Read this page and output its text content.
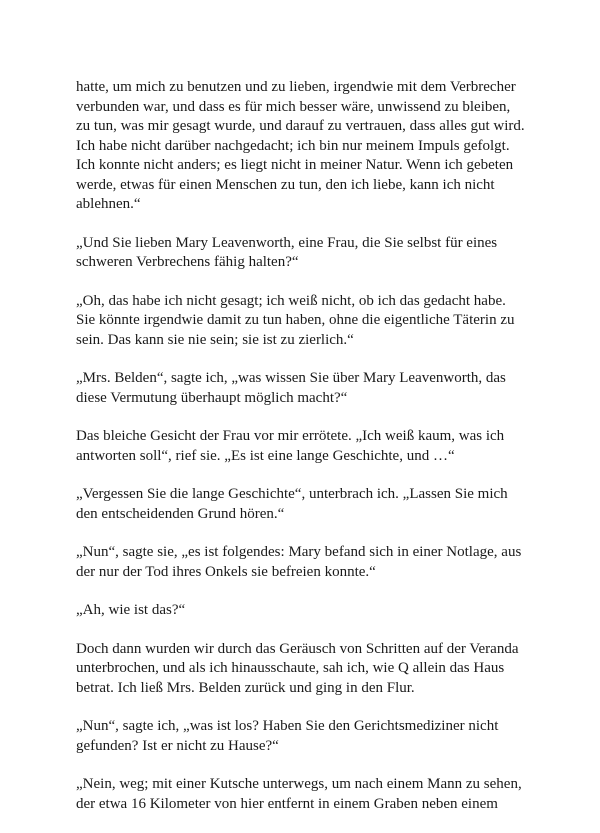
hatte, um mich zu benutzen und zu lieben, irgendwie mit dem Verbrecher verbunden war, und dass es für mich besser wäre, unwissend zu bleiben, zu tun, was mir gesagt wurde, und darauf zu vertrauen, dass alles gut wird. Ich habe nicht darüber nachgedacht; ich bin nur meinem Impuls gefolgt. Ich konnte nicht anders; es liegt nicht in meiner Natur. Wenn ich gebeten werde, etwas für einen Menschen zu tun, den ich liebe, kann ich nicht ablehnen.“

„Und Sie lieben Mary Leavenworth, eine Frau, die Sie selbst für eines schweren Verbrechens fähig halten?“

„Oh, das habe ich nicht gesagt; ich weiß nicht, ob ich das gedacht habe. Sie könnte irgendwie damit zu tun haben, ohne die eigentliche Täterin zu sein. Das kann sie nie sein; sie ist zu zierlich.“

„Mrs. Belden“, sagte ich, „was wissen Sie über Mary Leavenworth, das diese Vermutung überhaupt möglich macht?“

Das bleiche Gesicht der Frau vor mir errötete. „Ich weiß kaum, was ich antworten soll“, rief sie. „Es ist eine lange Geschichte, und …“

„Vergessen Sie die lange Geschichte“, unterbrach ich. „Lassen Sie mich den entscheidenden Grund hören.“

„Nun“, sagte sie, „es ist folgendes: Mary befand sich in einer Notlage, aus der nur der Tod ihres Onkels sie befreien konnte.“

„Ah, wie ist das?“

Doch dann wurden wir durch das Geräusch von Schritten auf der Veranda unterbrochen, und als ich hinausschaute, sah ich, wie Q allein das Haus betrat. Ich ließ Mrs. Belden zurück und ging in den Flur.

„Nun“, sagte ich, „was ist los? Haben Sie den Gerichtsmediziner nicht gefunden? Ist er nicht zu Hause?“

„Nein, weg; mit einer Kutsche unterwegs, um nach einem Mann zu sehen, der etwa 16 Kilometer von hier entfernt in einem Graben neben einem
